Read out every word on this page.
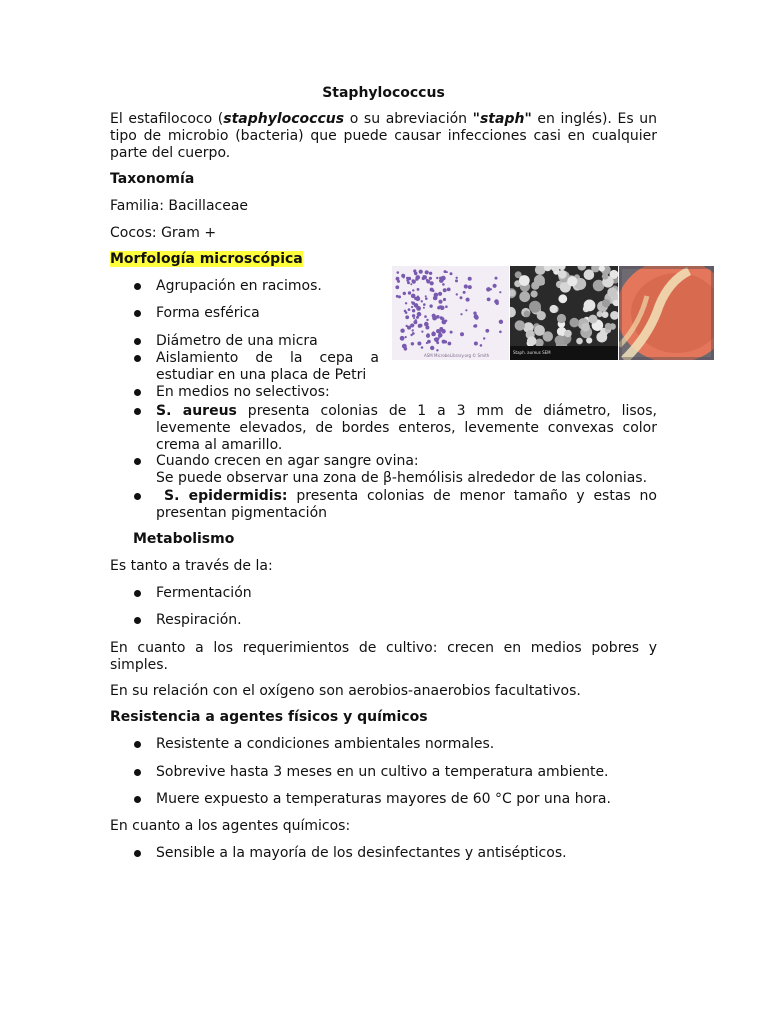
Staphylococcus

El estafilococo (staphylococcus o su abreviación "staph" en inglés). Es un tipo de microbio (bacteria) que puede causar infecciones casi en cualquier parte del cuerpo.

Taxonomía

Familia: Bacillaceae

Cocos: Gram +

Morfología microscópica

Agrupación en racimos.

Forma esférica

Diámetro de una micra

Aislamiento de la cepa a estudiar en una placa de Petri

En medios no selectivos:

S. aureus presenta colonias de 1 a 3 mm de diámetro, lisos, levemente elevados, de bordes enteros, levemente convexas color crema al amarillo.

Cuando crecen en agar sangre ovina:
Se puede observar una zona de β-hemólisis alrededor de las colonias.

S. epidermidis: presenta colonias de menor tamaño y estas no presentan pigmentación

ASM MicrobeLibrary.org © Smith
Staph. aureus SEM

Metabolismo

Es tanto a través de la:

Fermentación

Respiración.

En cuanto a los requerimientos de cultivo: crecen en medios pobres y simples.

En su relación con el oxígeno son aerobios-anaerobios facultativos.

Resistencia a agentes físicos y químicos

Resistente a condiciones ambientales normales.

Sobrevive hasta 3 meses en un cultivo a temperatura ambiente.

Muere expuesto a temperaturas mayores de 60 °C por una hora.

En cuanto a los agentes químicos:

Sensible a la mayoría de los desinfectantes y antisépticos.
